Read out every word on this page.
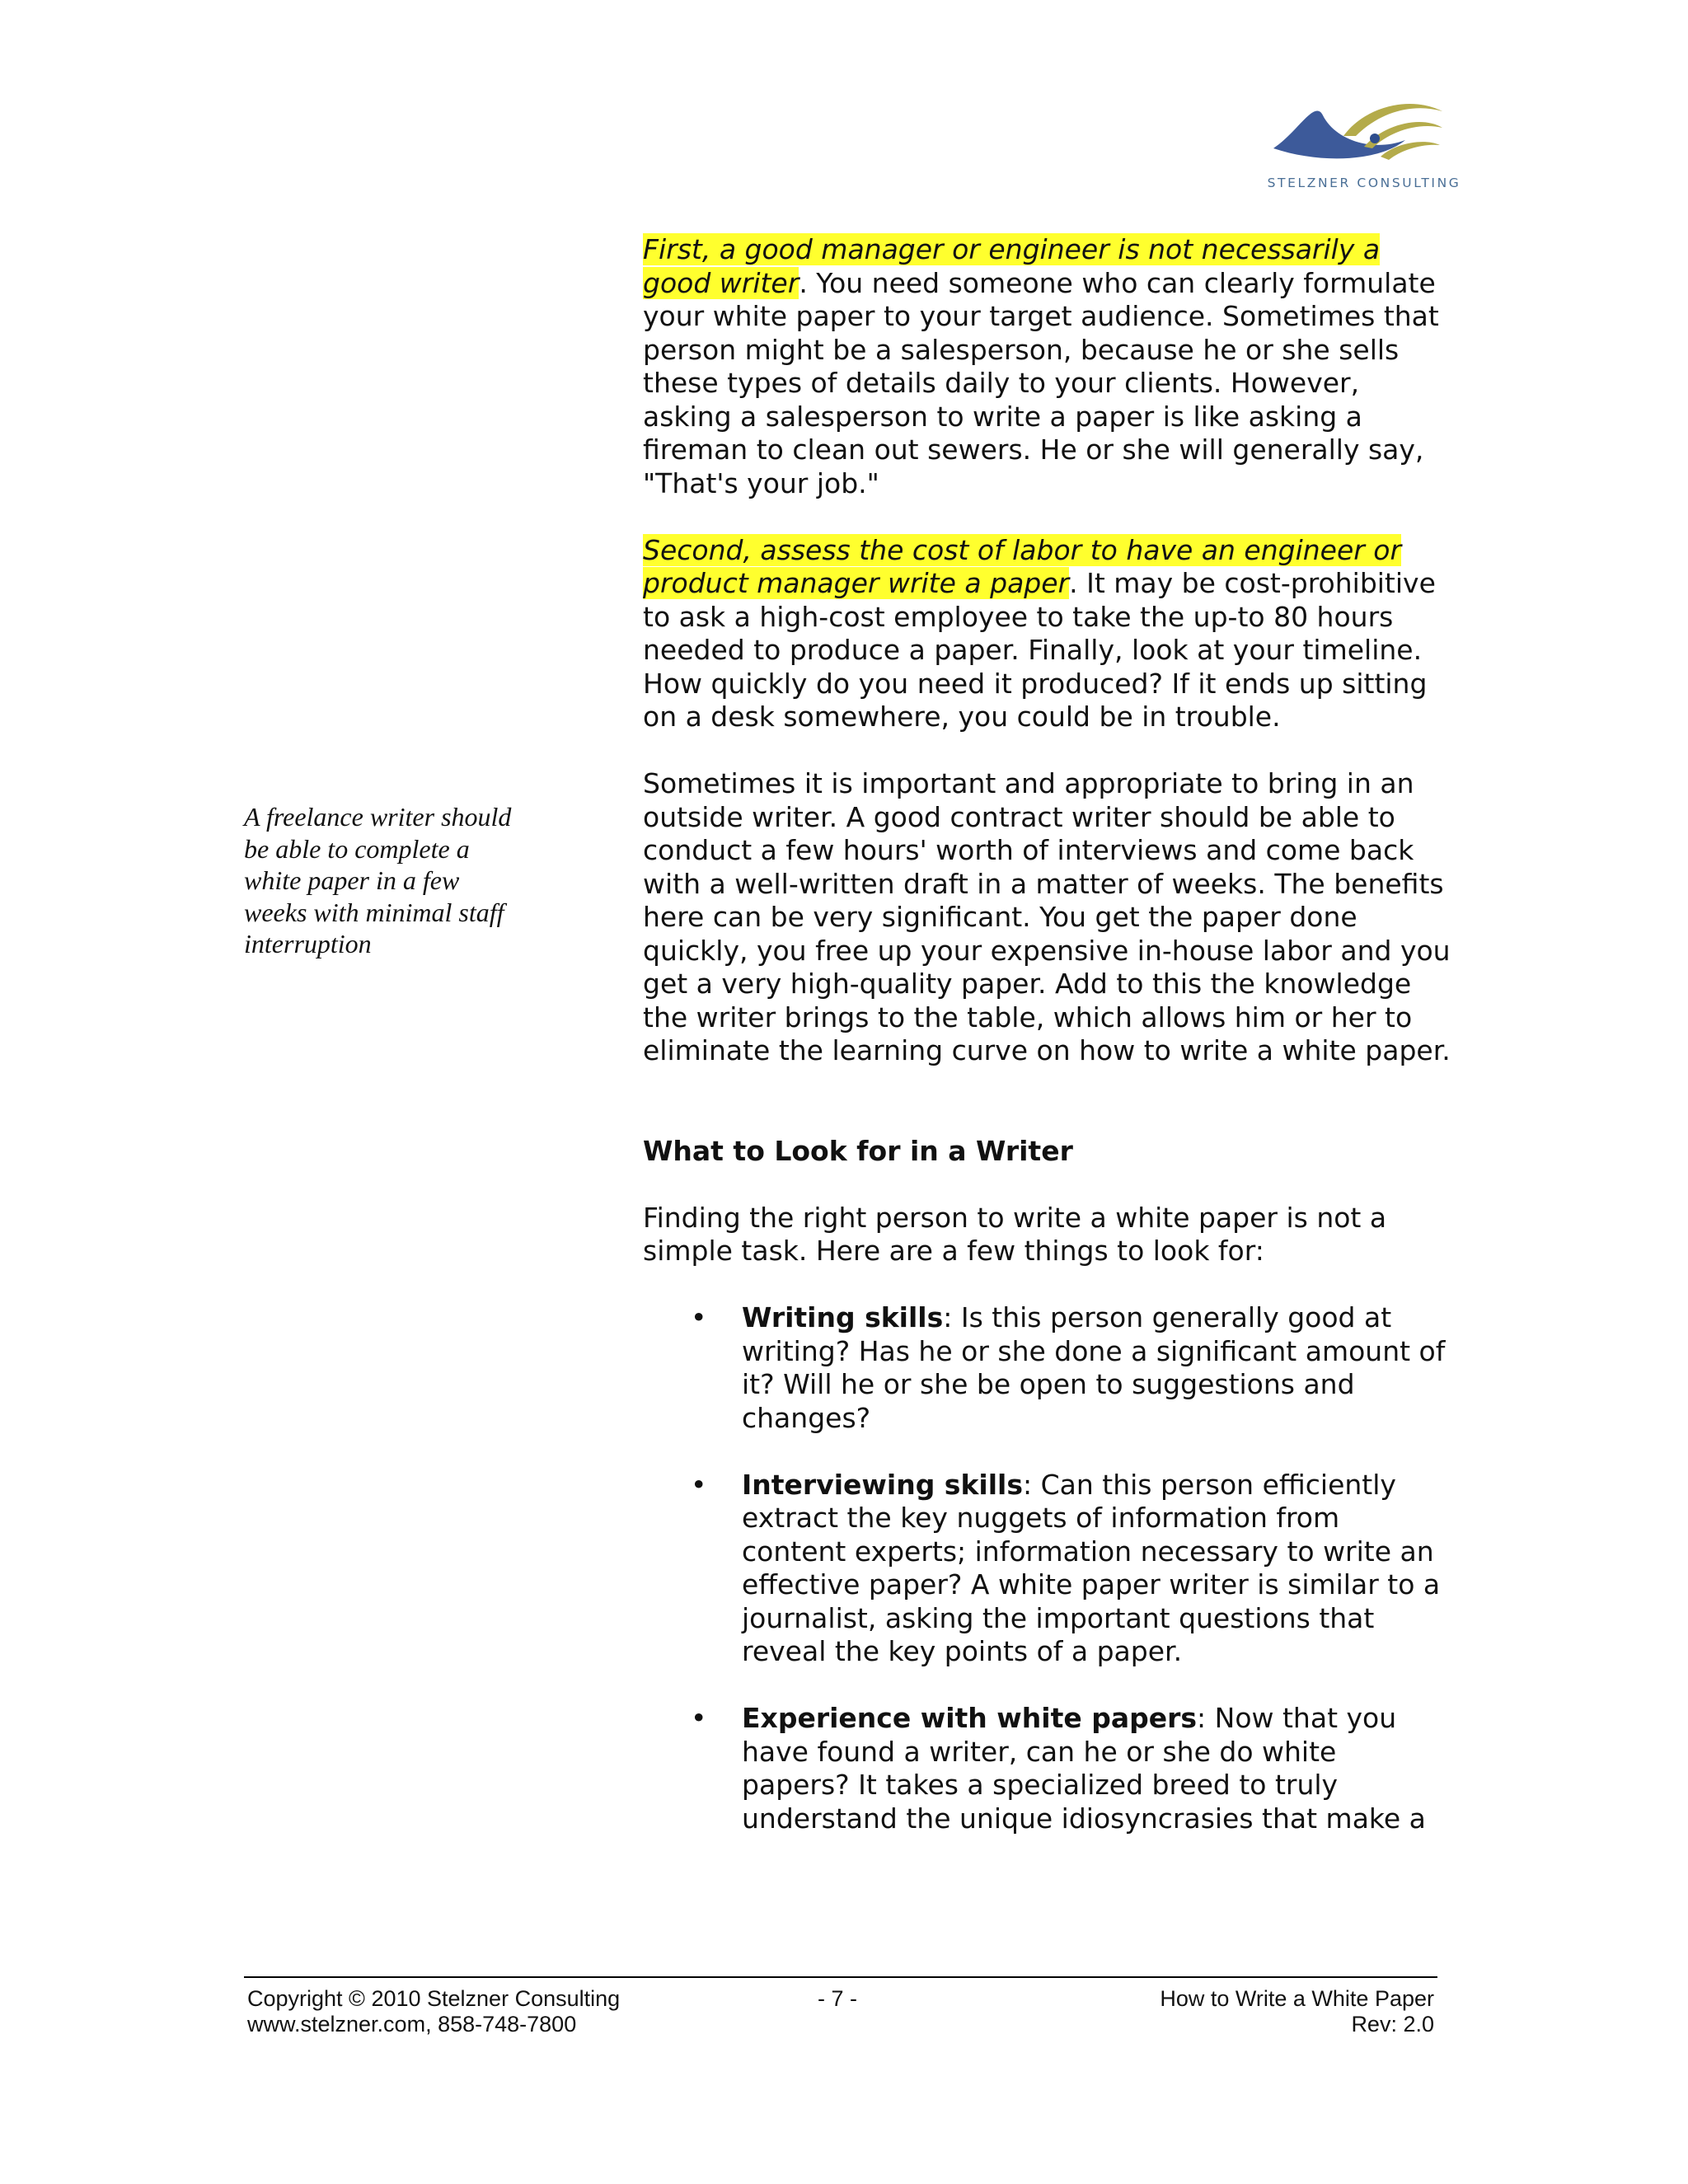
STELZNER CONSULTING
A freelance writer should be able to complete a white paper in a few weeks with minimal staff interruption

First, a good manager or engineer is not necessarily a good writer. You need someone who can clearly formulate your white paper to your target audience. Sometimes that person might be a salesperson, because he or she sells these types of details daily to your clients. However, asking a salesperson to write a paper is like asking a fireman to clean out sewers. He or she will generally say, "That's your job."

Second, assess the cost of labor to have an engineer or product manager write a paper. It may be cost-prohibitive to ask a high-cost employee to take the up-to 80 hours needed to produce a paper. Finally, look at your timeline. How quickly do you need it produced? If it ends up sitting on a desk somewhere, you could be in trouble.

Sometimes it is important and appropriate to bring in an outside writer. A good contract writer should be able to conduct a few hours' worth of interviews and come back with a well-written draft in a matter of weeks. The benefits here can be very significant. You get the paper done quickly, you free up your expensive in-house labor and you get a very high-quality paper. Add to this the knowledge the writer brings to the table, which allows him or her to eliminate the learning curve on how to write a white paper.

What to Look for in a Writer

Finding the right person to write a white paper is not a simple task. Here are a few things to look for:

• Writing skills: Is this person generally good at writing? Has he or she done a significant amount of it? Will he or she be open to suggestions and changes?
• Interviewing skills: Can this person efficiently extract the key nuggets of information from content experts; information necessary to write an effective paper? A white paper writer is similar to a journalist, asking the important questions that reveal the key points of a paper.
• Experience with white papers: Now that you have found a writer, can he or she do white papers? It takes a specialized breed to truly understand the unique idiosyncrasies that make a
Copyright © 2010 Stelzner Consulting	- 7 -	How to Write a White Paper
www.stelzner.com, 858-748-7800	Rev: 2.0
